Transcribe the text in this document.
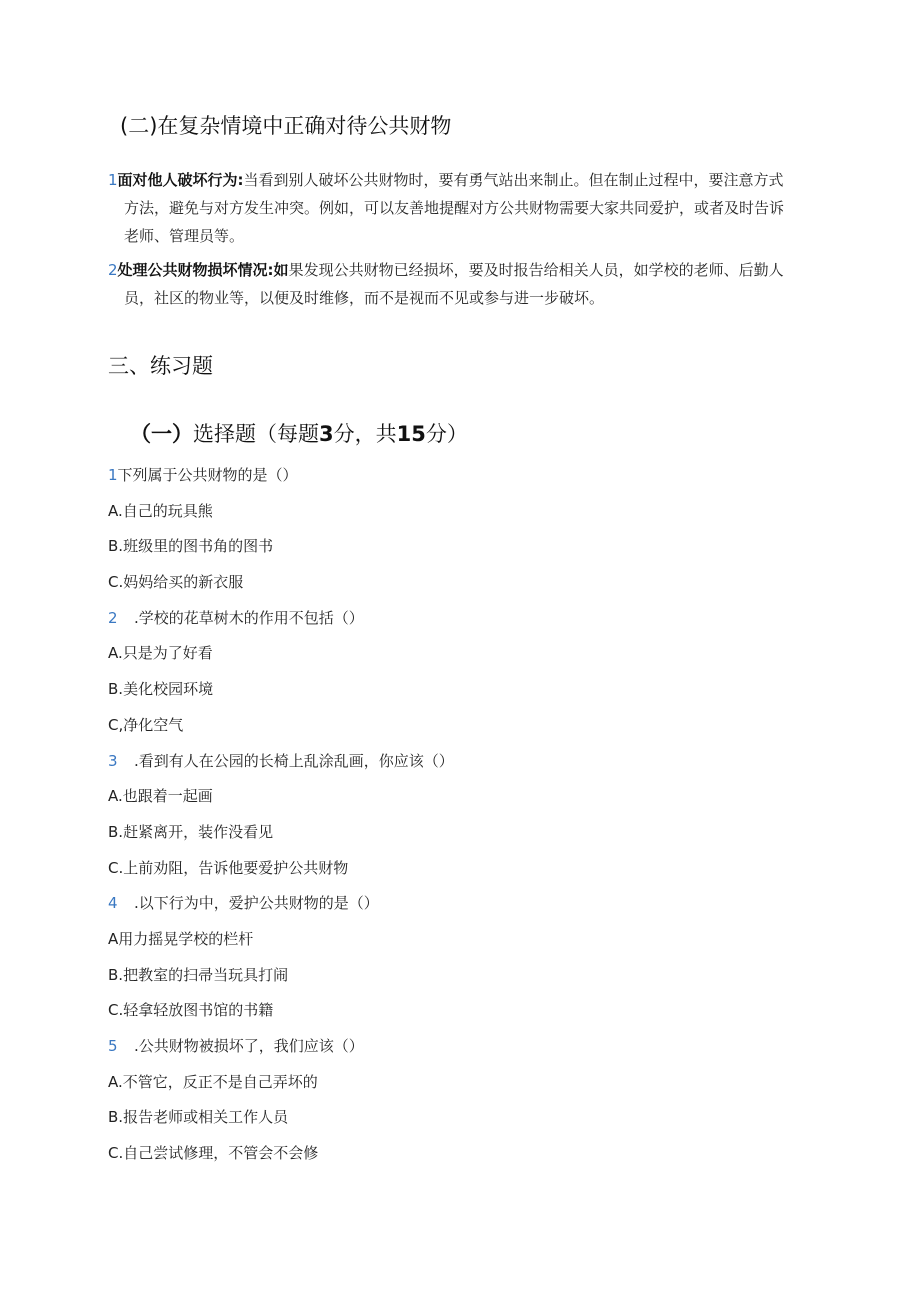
(二)在复杂情境中正确对待公共财物
1面对他人破坏行为:当看到别人破坏公共财物时，要有勇气站出来制止。但在制止过程中，要注意方式
方法，避免与对方发生冲突。例如，可以友善地提醒对方公共财物需要大家共同爱护，或者及时告诉
老师、管理员等。
2处理公共财物损坏情况:如果发现公共财物已经损坏，要及时报告给相关人员，如学校的老师、后勤人
员，社区的物业等，以便及时维修，而不是视而不见或参与进一步破坏。
三、练习题
（一）选择题（每题3分，共15分）
1下列属于公共财物的是（）
A.自己的玩具熊
B.班级里的图书角的图书
C.妈妈给买的新衣服
2 .学校的花草树木的作用不包括（）
A.只是为了好看
B.美化校园环境
C,净化空气
3 .看到有人在公园的长椅上乱涂乱画，你应该（）
A.也跟着一起画
B.赶紧离开，装作没看见
C.上前劝阻，告诉他要爱护公共财物
4 .以下行为中，爱护公共财物的是（）
A用力摇晃学校的栏杆
B.把教室的扫帚当玩具打闹
C.轻拿轻放图书馆的书籍
5 .公共财物被损坏了，我们应该（）
A.不管它，反正不是自己弄坏的
B.报告老师或相关工作人员
C.自己尝试修理，不管会不会修
